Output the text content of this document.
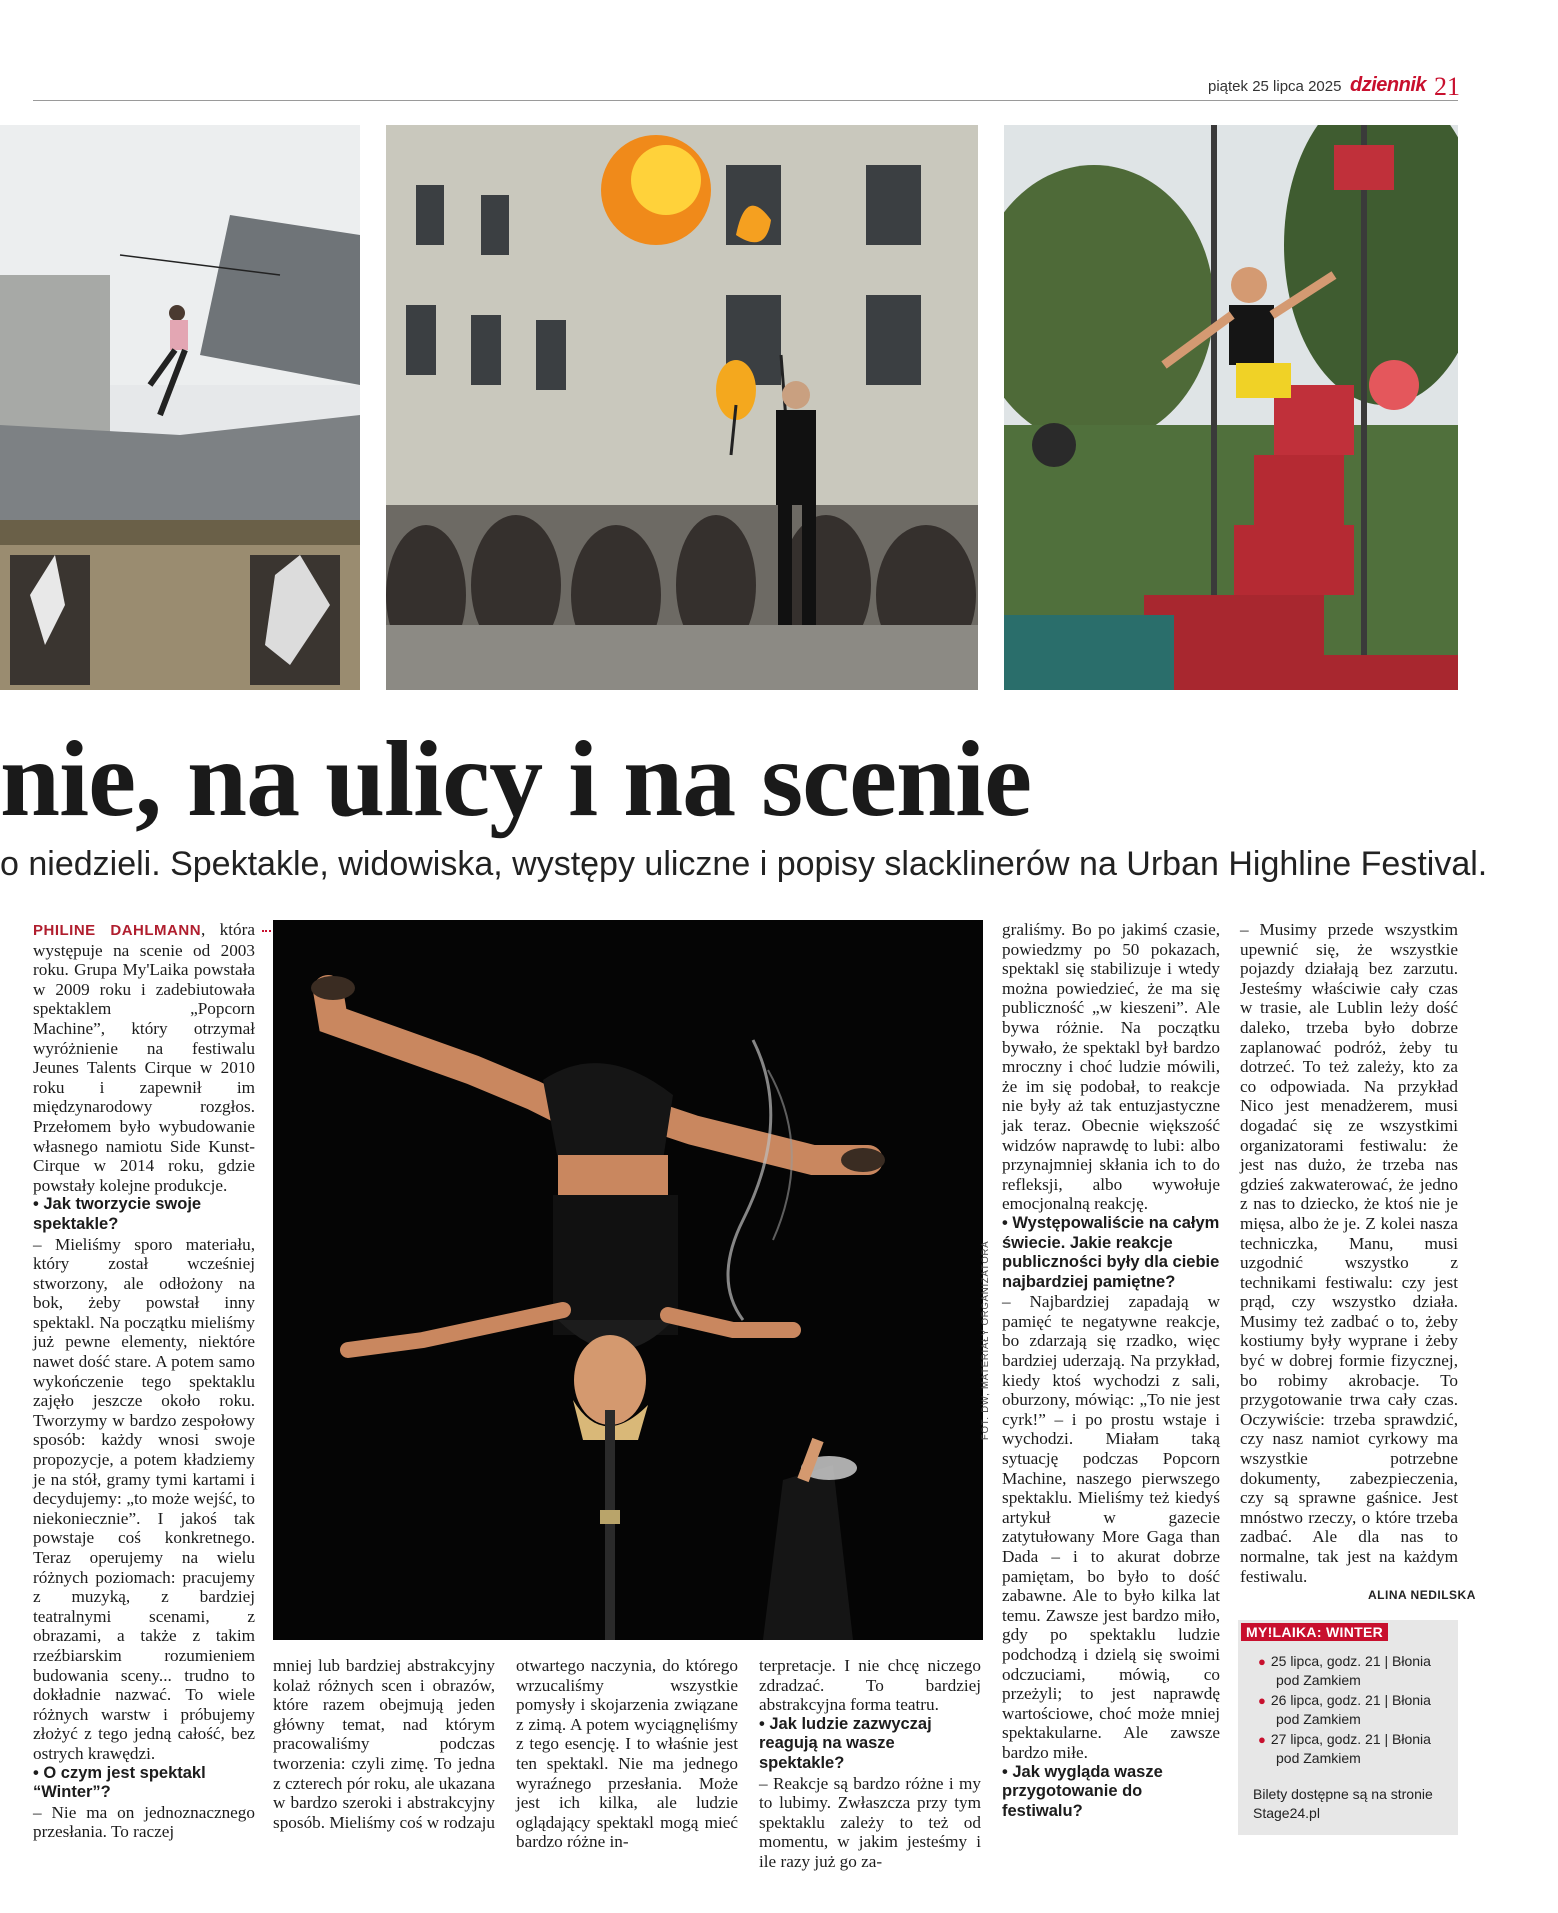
piątek 25 lipca 2025 dziennik 21
nie, na ulicy i na scenie
o niedzieli. Spektakle, widowiska, występy uliczne i popisy slacklinerów na Urban Highline Festival.

PHILINE DAHLMANN, która występuje na scenie od 2003 roku. Grupa My'Laika powstała w 2009 roku i zadebiutowała spektaklem „Popcorn Machine”, który otrzymał wyróżnienie na festiwalu Jeunes Talents Cirque w 2010 roku i zapewnił im międzynarodowy rozgłos. Przełomem było wybudowanie własnego namiotu Side Kunst-Cirque w 2014 roku, gdzie powstały kolejne produkcje.

• Jak tworzycie swoje spektakle?

– Mieliśmy sporo materiału, który został wcześniej stworzony, ale odłożony na bok, żeby powstał inny spektakl. Na początku mieliśmy już pewne elementy, niektóre nawet dość stare. A potem samo wykończenie tego spektaklu zajęło jeszcze około roku. Tworzymy w bardzo zespołowy sposób: każdy wnosi swoje propozycje, a potem kładziemy je na stół, gramy tymi kartami i decydujemy: „to może wejść, to niekoniecznie”. I jakoś tak powstaje coś konkretnego. Teraz operujemy na wielu różnych poziomach: pracujemy z muzyką, z bardziej teatralnymi scenami, z obrazami, a także z takim rzeźbiarskim rozumieniem budowania sceny... trudno to dokładnie nazwać. To wiele różnych warstw i próbujemy złożyć z tego jedną całość, bez ostrych krawędzi.

• O czym jest spektakl “Winter”?

– Nie ma on jednoznacznego przesłania. To raczej

FOT. DW, MATERIAŁY ORGANIZATORA

mniej lub bardziej abstrakcyjny kolaż różnych scen i obrazów, które razem obejmują jeden główny temat, nad którym pracowaliśmy podczas tworzenia: czyli zimę. To jedna z czterech pór roku, ale ukazana w bardzo szeroki i abstrakcyjny sposób. Mieliśmy coś w rodzaju

otwartego naczynia, do którego wrzucaliśmy wszystkie pomysły i skojarzenia związane z zimą. A potem wyciągnęliśmy z tego esencję. I to właśnie jest ten spektakl. Nie ma jednego wyraźnego przesłania. Może jest ich kilka, ale ludzie oglądający spektakl mogą mieć bardzo różne in-

terpretacje. I nie chcę niczego zdradzać. To bardziej abstrakcyjna forma teatru.

• Jak ludzie zazwyczaj reagują na wasze spektakle?

– Reakcje są bardzo różne i my to lubimy. Zwłaszcza przy tym spektaklu zależy to też od momentu, w jakim jesteśmy i ile razy już go za-

graliśmy. Bo po jakimś czasie, powiedzmy po 50 pokazach, spektakl się stabilizuje i wtedy można powiedzieć, że ma się publiczność „w kieszeni”. Ale bywa różnie. Na początku bywało, że spektakl był bardzo mroczny i choć ludzie mówili, że im się podobał, to reakcje nie były aż tak entuzjastyczne jak teraz. Obecnie większość widzów naprawdę to lubi: albo przynajmniej skłania ich to do refleksji, albo wywołuje emocjonalną reakcję.

• Występowaliście na całym świecie. Jakie reakcje publiczności były dla ciebie najbardziej pamiętne?

– Najbardziej zapadają w pamięć te negatywne reakcje, bo zdarzają się rzadko, więc bardziej uderzają. Na przykład, kiedy ktoś wychodzi z sali, oburzony, mówiąc: „To nie jest cyrk!” – i po prostu wstaje i wychodzi. Miałam taką sytuację podczas Popcorn Machine, naszego pierwszego spektaklu. Mieliśmy też kiedyś artykuł w gazecie zatytułowany More Gaga than Dada – i to akurat dobrze pamiętam, bo było to dość zabawne. Ale to było kilka lat temu. Zawsze jest bardzo miło, gdy po spektaklu ludzie podchodzą i dzielą się swoimi odczuciami, mówią, co przeżyli; to jest naprawdę wartościowe, choć może mniej spektakularne. Ale zawsze bardzo miłe.

• Jak wygląda wasze przygotowanie do festiwalu?

– Musimy przede wszystkim upewnić się, że wszystkie pojazdy działają bez zarzutu. Jesteśmy właściwie cały czas w trasie, ale Lublin leży dość daleko, trzeba było dobrze zaplanować podróż, żeby tu dotrzeć. To też zależy, kto za co odpowiada. Na przykład Nico jest menadżerem, musi dogadać się ze wszystkimi organizatorami festiwalu: że jest nas dużo, że trzeba nas gdzieś zakwaterować, że jedno z nas to dziecko, że ktoś nie je mięsa, albo że je. Z kolei nasza techniczka, Manu, musi uzgodnić wszystko z technikami festiwalu: czy jest prąd, czy wszystko działa. Musimy też zadbać o to, żeby kostiumy były wyprane i żeby być w dobrej formie fizycznej, bo robimy akrobacje. To przygotowanie trwa cały czas. Oczywiście: trzeba sprawdzić, czy nasz namiot cyrkowy ma wszystkie potrzebne dokumenty, zabezpieczenia, czy są sprawne gaśnice. Jest mnóstwo rzeczy, o które trzeba zadbać. Ale dla nas to normalne, tak jest na każdym festiwalu.

ALINA NEDILSKA
MY!LAIKA: WINTER
● 25 lipca, godz. 21 | Błonia
pod Zamkiem
● 26 lipca, godz. 21 | Błonia
pod Zamkiem
● 27 lipca, godz. 21 | Błonia
pod Zamkiem
Bilety dostępne są na stronie Stage24.pl
